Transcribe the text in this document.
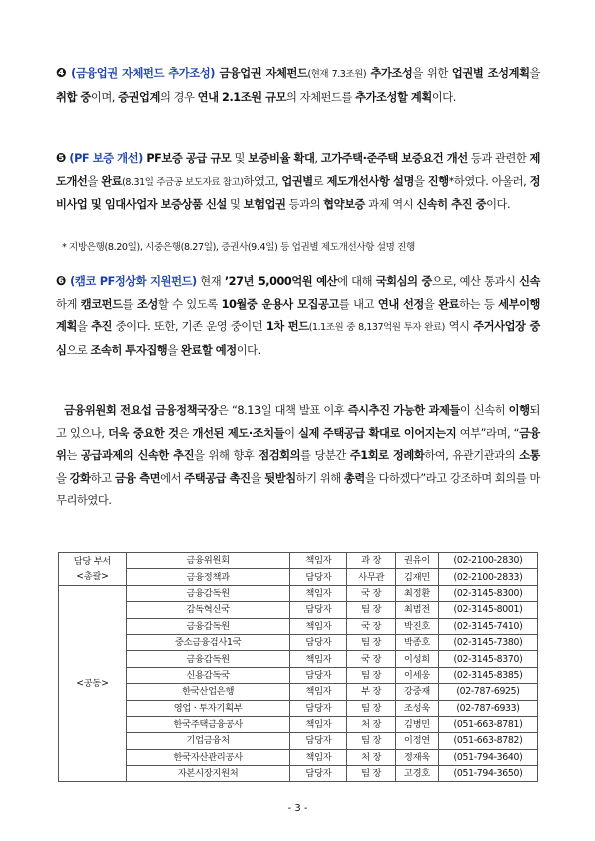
❹ (금융업권 자체펀드 추가조성) 금융업권 자체펀드(현재 7.3조원) 추가조성을 위한 업권별 조성계획을 취합 중이며, 증권업계의 경우 연내 2.1조원 규모의 자체펀드를 추가조성할 계획이다.
❺ (PF 보증 개선) PF보증 공급 규모 및 보증비율 확대, 고가주택·준주택 보증요건 개선 등과 관련한 제도개선을 완료(8.31일 주금공 보도자료 참고)하였고, 업권별로 제도개선사항 설명을 진행*하였다. 아울러, 정비사업 및 임대사업자 보증상품 신설 및 보험업권 등과의 협약보증 과제 역시 신속히 추진 중이다.
* 지방은행(8.20일), 시중은행(8.27일), 증권사(9.4일) 등 업권별 제도개선사항 설명 진행
❻ (캠코 PF정상화 지원펀드) 현재 ’27년 5,000억원 예산에 대해 국회심의 중으로, 예산 통과시 신속하게 캠코펀드를 조성할 수 있도록 10월중 운용사 모집공고를 내고 연내 선정을 완료하는 등 세부이행계획을 추진 중이다. 또한, 기존 운영 중이던 1차 펀드(1.1조원 중 8,137억원 투자 완료) 역시 주거사업장 중심으로 조속히 투자집행을 완료할 예정이다.
금융위원회 전요섭 금융정책국장은 “8.13일 대책 발표 이후 즉시추진 가능한 과제들이 신속히 이행되고 있으나, 더욱 중요한 것은 개선된 제도·조치들이 실제 주택공급 확대로 이어지는지 여부”라며, “금융위는 공급과제의 신속한 추진을 위해 향후 점검회의를 당분간 주1회로 정례화하여, 유관기관과의 소통을 강화하고 금융 측면에서 주택공급 촉진을 뒷받침하기 위해 총력을 다하겠다”라고 강조하며 회의를 마무리하였다.
담당 부서
<총괄>	금융위원회	책임자	과 장	권유이	(02-2100-2830)
	금융정책과	담당자	사무관	김재민	(02-2100-2833)
<공동>	금융감독원	책임자	국 장	최정환	(02-3145-8300)
	감독혁신국	담당자	팀 장	최범전	(02-3145-8001)
	금융감독원	책임자	국 장	박진호	(02-3145-7410)
	중소금융검사1국	담당자	팀 장	박종호	(02-3145-7380)
	금융감독원	책임자	국 장	이성희	(02-3145-8370)
	신용감독국	담당자	팀 장	이세웅	(02-3145-8385)
	한국산업은행	책임자	부 장	강중재	(02-787-6925)
	영업 · 투자기획부	담당자	팀 장	조성욱	(02-787-6933)
	한국주택금융공사	책임자	처 장	김병민	(051-663-8781)
	기업금융처	담당자	팀 장	이정연	(051-663-8782)
	한국자산관리공사	책임자	처 장	정재욱	(051-794-3640)
	자본시장지원처	담당자	팀 장	고경호	(051-794-3650)
- 3 -
